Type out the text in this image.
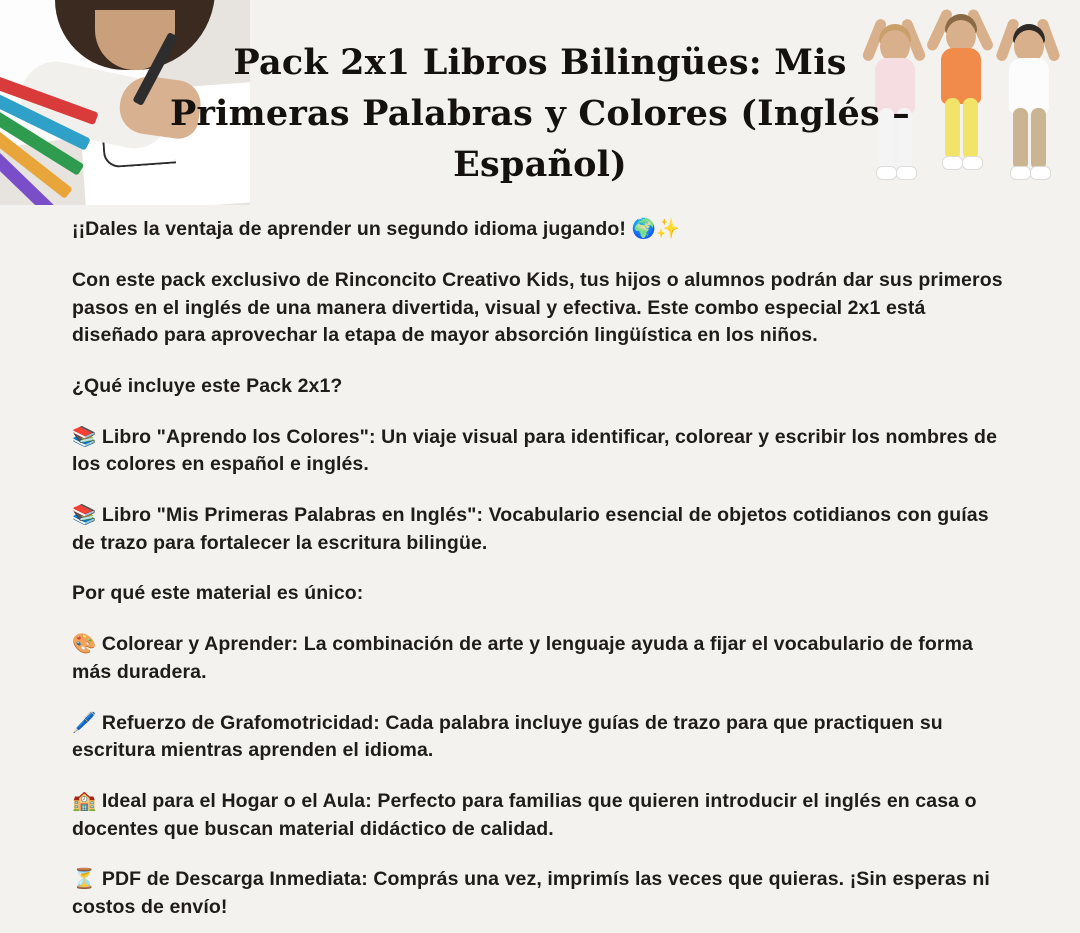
Pack 2x1 Libros Bilingües: Mis Primeras Palabras y Colores (Inglés – Español)

¡¡Dales la ventaja de aprender un segundo idioma jugando! 🌍✨

Con este pack exclusivo de Rinconcito Creativo Kids, tus hijos o alumnos podrán dar sus primeros pasos en el inglés de una manera divertida, visual y efectiva. Este combo especial 2x1 está diseñado para aprovechar la etapa de mayor absorción lingüística en los niños.

¿Qué incluye este Pack 2x1?

📚 Libro "Aprendo los Colores": Un viaje visual para identificar, colorear y escribir los nombres de los colores en español e inglés.

📚 Libro "Mis Primeras Palabras en Inglés": Vocabulario esencial de objetos cotidianos con guías de trazo para fortalecer la escritura bilingüe.

Por qué este material es único:

🎨 Colorear y Aprender: La combinación de arte y lenguaje ayuda a fijar el vocabulario de forma más duradera.

🖊️ Refuerzo de Grafomotricidad: Cada palabra incluye guías de trazo para que practiquen su escritura mientras aprenden el idioma.

🏫 Ideal para el Hogar o el Aula: Perfecto para familias que quieren introducir el inglés en casa o docentes que buscan material didáctico de calidad.

⏳ PDF de Descarga Inmediata: Comprás una vez, imprimís las veces que quieras. ¡Sin esperas ni costos de envío!
